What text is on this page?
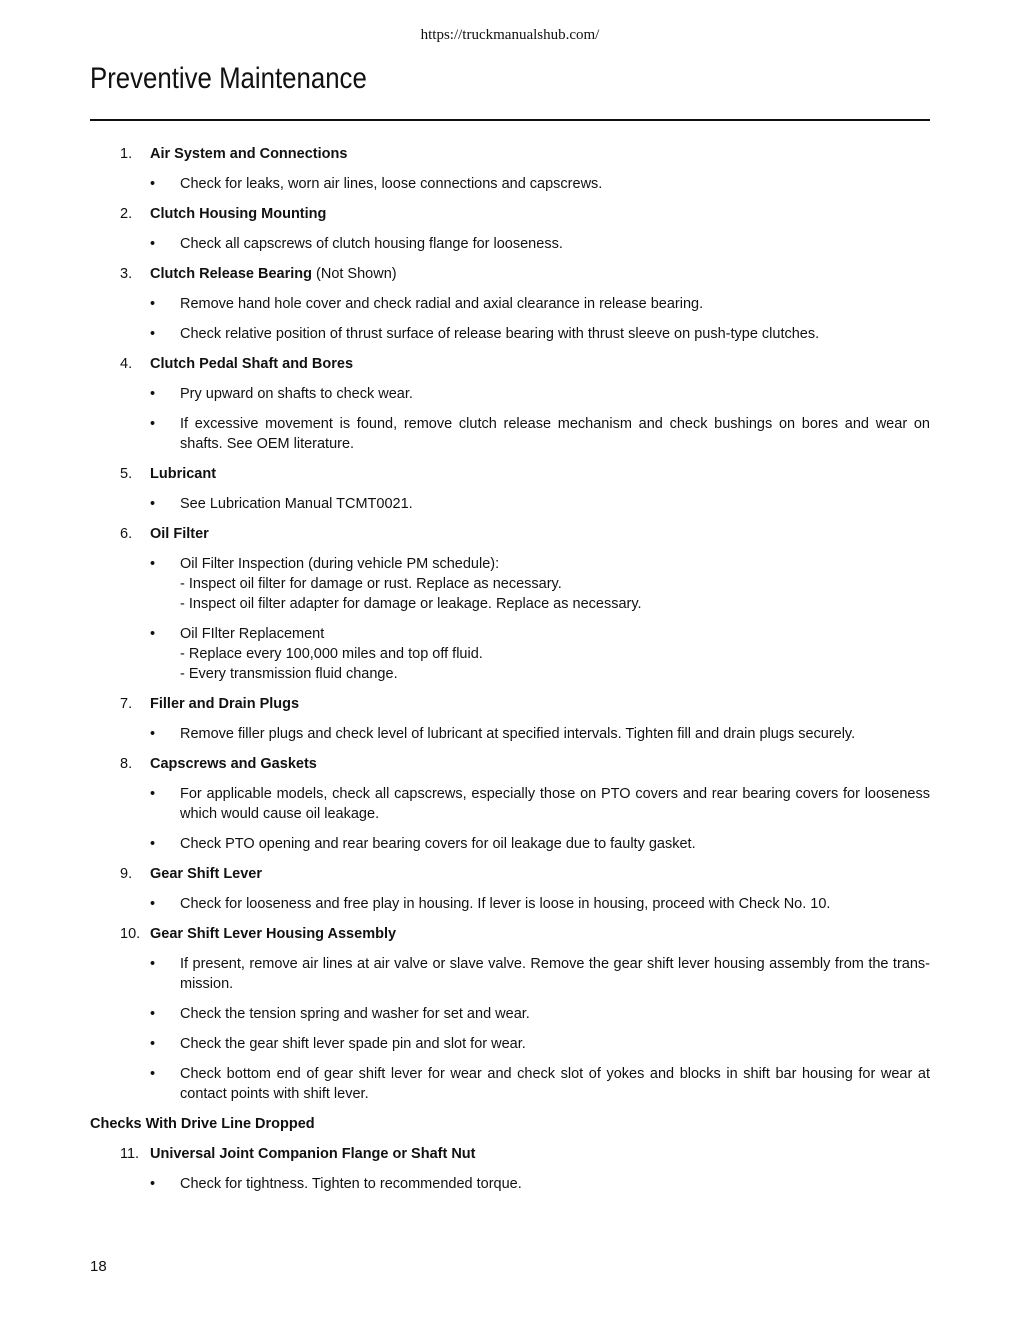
https://truckmanualshub.com/
Preventive Maintenance
1.	Air System and Connections
•	Check for leaks, worn air lines, loose connections and capscrews.
2.	Clutch Housing Mounting
•	Check all capscrews of clutch housing flange for looseness.
3.	Clutch Release Bearing (Not Shown)
•	Remove hand hole cover and check radial and axial clearance in release bearing.
•	Check relative position of thrust surface of release bearing with thrust sleeve on push-type clutches.
4.	Clutch Pedal Shaft and Bores
•	Pry upward on shafts to check wear.
•	If excessive movement is found, remove clutch release mechanism and check bushings on bores and wear on shafts. See OEM literature.
5.	Lubricant
•	See Lubrication Manual TCMT0021.
6.	Oil Filter
•	Oil Filter Inspection (during vehicle PM schedule):
- Inspect oil filter for damage or rust. Replace as necessary.
- Inspect oil filter adapter for damage or leakage. Replace as necessary.
•	Oil FIlter Replacement
- Replace every 100,000 miles and top off fluid.
- Every transmission fluid change.
7.	Filler and Drain Plugs
•	Remove filler plugs and check level of lubricant at specified intervals. Tighten fill and drain plugs securely.
8.	Capscrews and Gaskets
•	For applicable models, check all capscrews, especially those on PTO covers and rear bearing covers for looseness which would cause oil leakage.
•	Check PTO opening and rear bearing covers for oil leakage due to faulty gasket.
9.	Gear Shift Lever
•	Check for looseness and free play in housing. If lever is loose in housing, proceed with Check No. 10.
10. Gear Shift Lever Housing Assembly
•	If present, remove air lines at air valve or slave valve. Remove the gear shift lever housing assembly from the trans-mission.
•	Check the tension spring and washer for set and wear.
•	Check the gear shift lever spade pin and slot for wear.
•	Check bottom end of gear shift lever for wear and check slot of yokes and blocks in shift bar housing for wear at contact points with shift lever.
Checks With Drive Line Dropped
11. Universal Joint Companion Flange or Shaft Nut
•	Check for tightness. Tighten to recommended torque.
18
